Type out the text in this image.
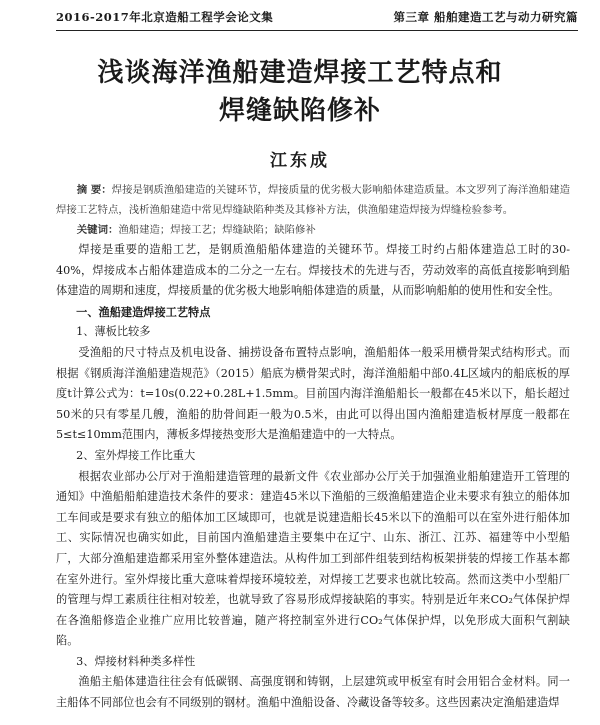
2016-2017年北京造船工程学会论文集	第三章 船舶建造工艺与动力研究篇
浅谈海洋渔船建造焊接工艺特点和
焊缝缺陷修补
江东成

摘 要：焊接是钢质渔船建造的关键环节，焊接质量的优劣极大影响船体建造质量。本文罗列了海洋渔船建造焊接工艺特点，浅析渔船建造中常见焊缝缺陷种类及其修补方法，供渔船建造焊接为焊缝检验参考。

关键词：渔船建造；焊接工艺；焊缝缺陷；缺陷修补

焊接是重要的造船工艺，是钢质渔船船体建造的关键环节。焊接工时约占船体建造总工时的30-40%，焊接成本占船体建造成本的二分之一左右。焊接技术的先进与否，劳动效率的高低直接影响到船体建造的周期和速度，焊接质量的优劣极大地影响船体建造的质量，从而影响船舶的使用性和安全性。

一、渔船建造焊接工艺特点

1、薄板比较多

受渔船的尺寸特点及机电设备、捕捞设备布置特点影响，渔船船体一般采用横骨架式结构形式。而根据《钢质海洋渔船建造规范》（2015）船底为横骨架式时，海洋渔船船中部0.4L区域内的船底板的厚度t计算公式为：t=10s(0.22+0.28L+1.5mm。目前国内海洋渔船船长一般都在45米以下，船长超过50米的只有零星几艘，渔船的肋骨间距一般为0.5米，由此可以得出国内渔船建造板材厚度一般都在5≤t≤10mm范围内，薄板多焊接热变形大是渔船建造中的一大特点。

2、室外焊接工作比重大

根据农业部办公厅对于渔船建造管理的最新文件《农业部办公厅关于加强渔业船舶建造开工管理的通知》中渔船船舶建造技术条件的要求：建造45米以下渔船的三级渔船建造企业未要求有独立的船体加工车间或是要求有独立的船体加工区域即可，也就是说建造船长45米以下的渔船可以在室外进行船体加工、实际情况也确实如此，目前国内渔船建造主要集中在辽宁、山东、浙江、江苏、福建等中小型船厂，大部分渔船建造都采用室外整体建造法。从构件加工到部件组装到结构板架拼装的焊接工作基本都在室外进行。室外焊接比重大意味着焊接环境较差，对焊接工艺要求也就比较高。然而这类中小型船厂的管理与焊工素质往往相对较差，也就导致了容易形成焊接缺陷的事实。特别是近年来CO₂气体保护焊在各渔船修造企业推广应用比较普遍，随产将控制室外进行CO₂气体保护焊，以免形成大面积气割缺陷。

3、焊接材料种类多样性

渔船主船体建造往往会有低碳钢、高强度钢和铸钢，上层建筑或甲板室有时会用铝合金材料。同一主船体不同部位也会有不同级别的钢材。渔船中渔船设备、冷藏设备等较多。这些因素决定渔船建造焊
